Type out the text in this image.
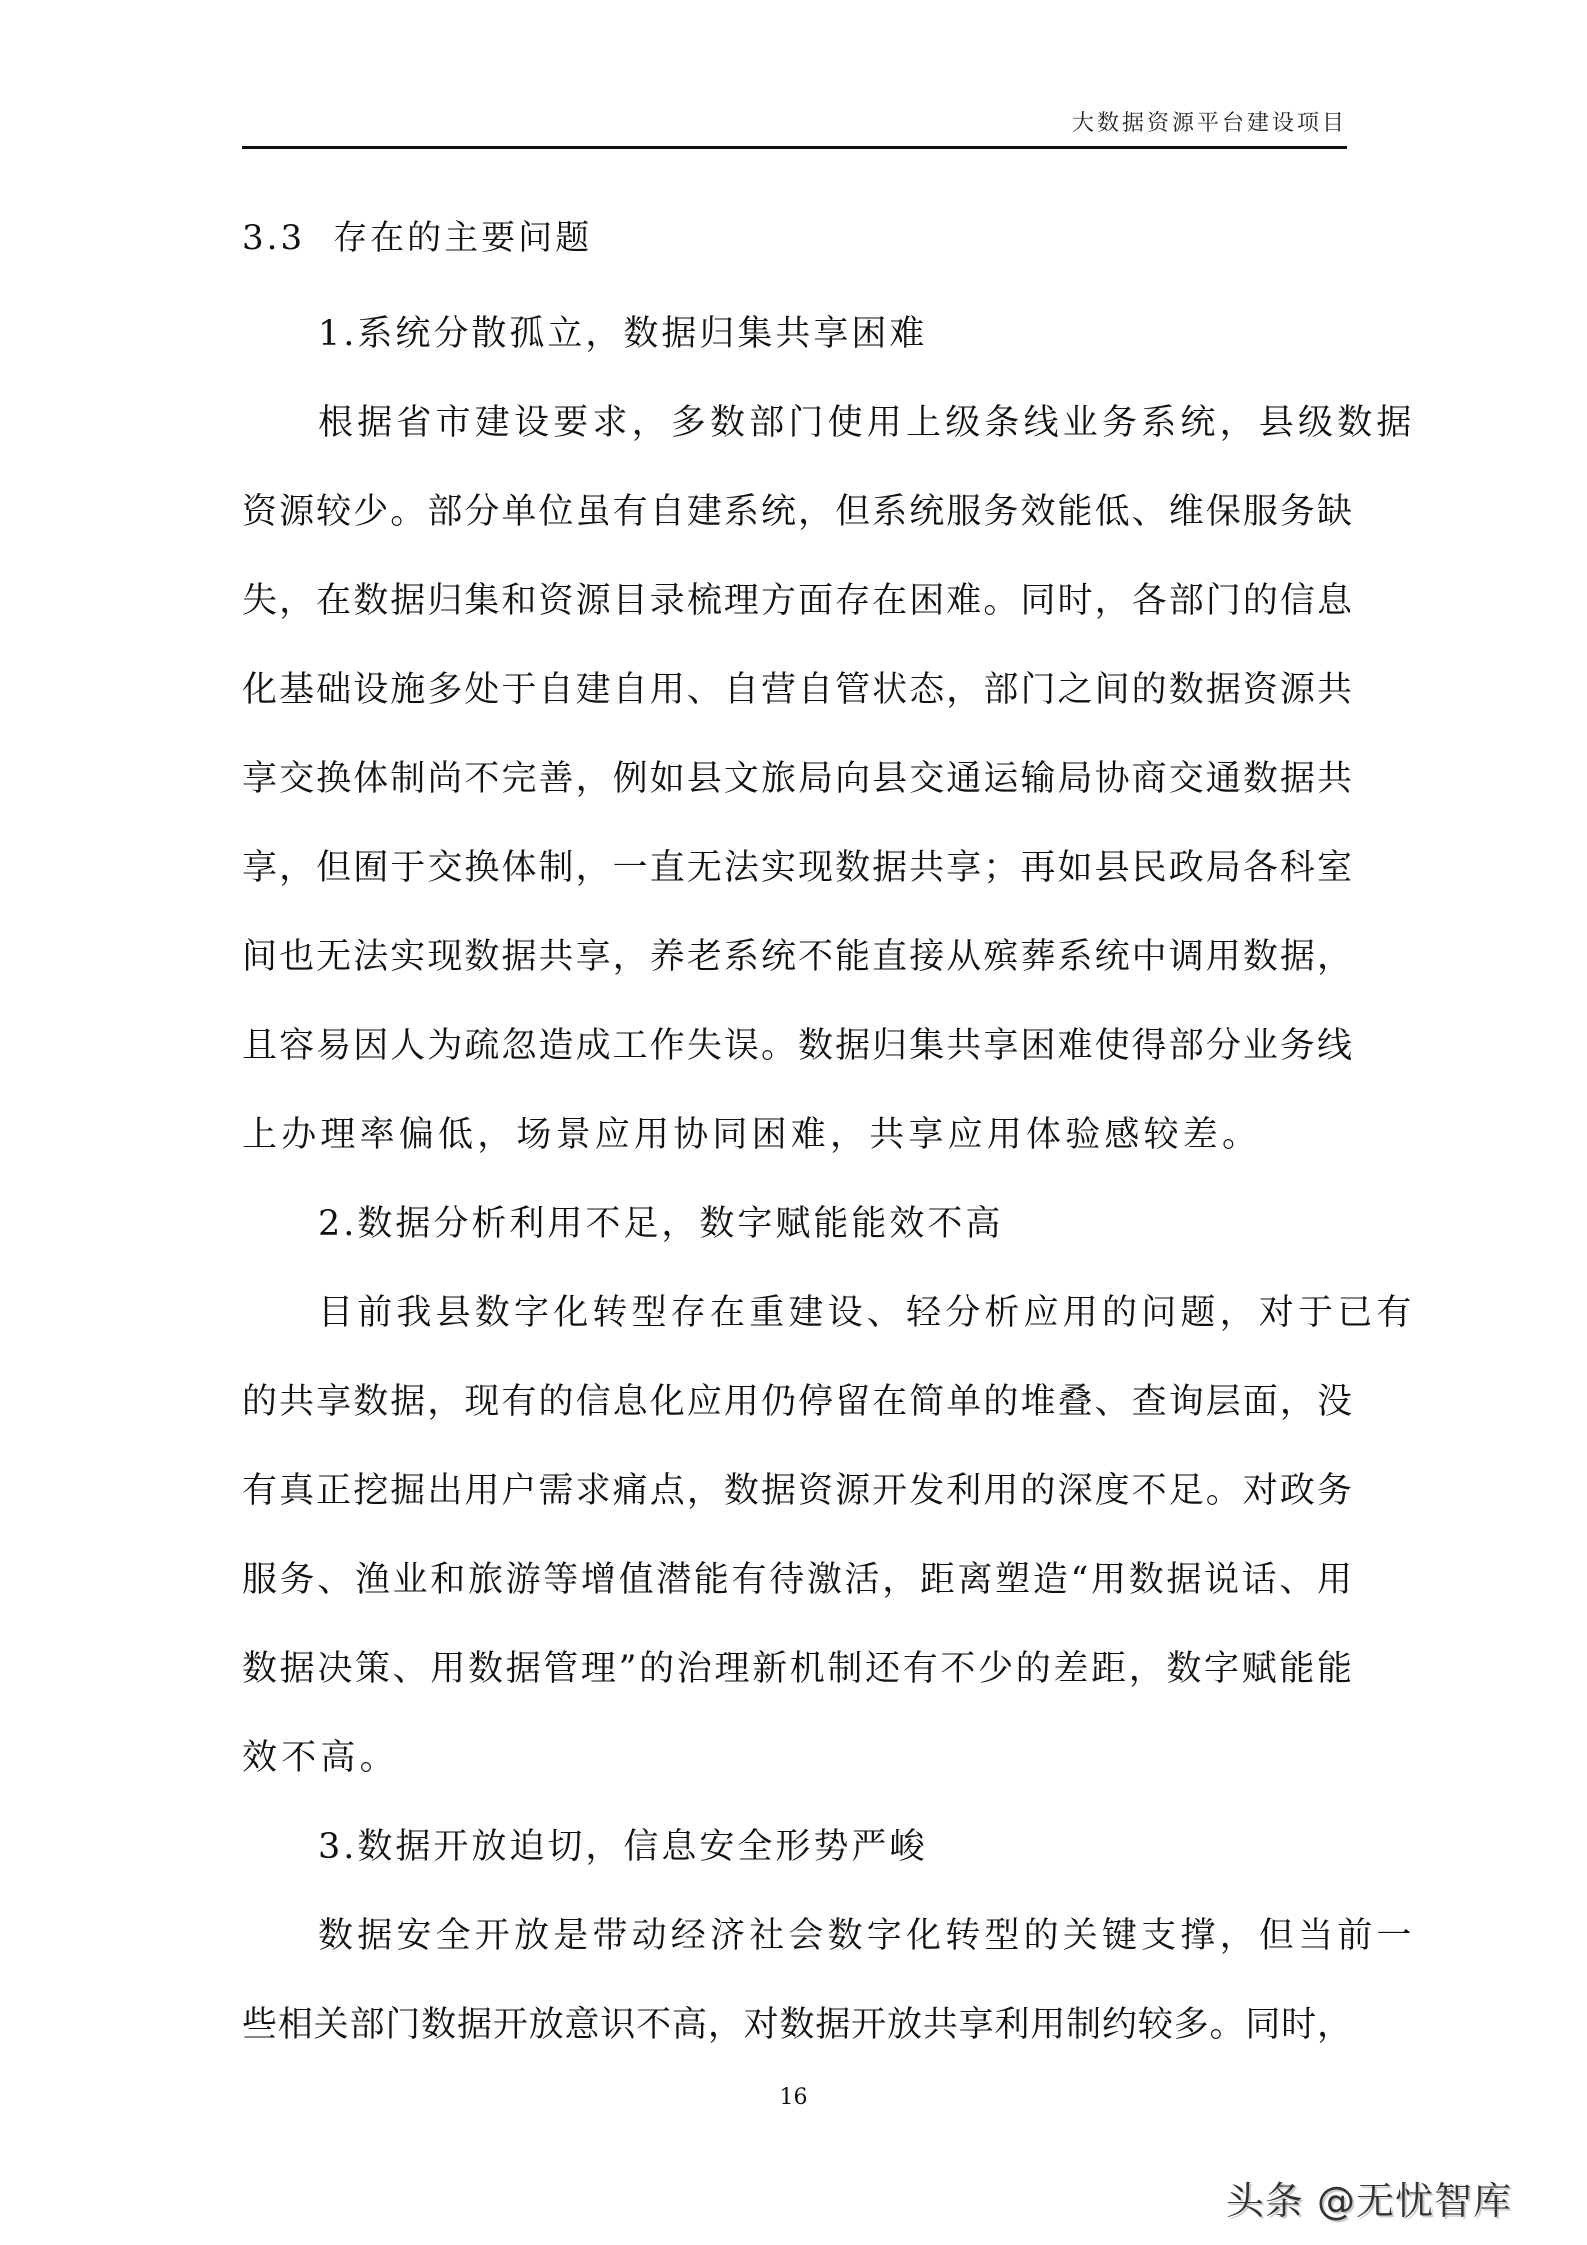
大数据资源平台建设项目
3.3 存在的主要问题
1.系统分散孤立，数据归集共享困难
根据省市建设要求，多数部门使用上级条线业务系统，县级数据
资源较少。部分单位虽有自建系统，但系统服务效能低、维保服务缺
失，在数据归集和资源目录梳理方面存在困难。同时，各部门的信息
化基础设施多处于自建自用、自营自管状态，部门之间的数据资源共
享交换体制尚不完善，例如县文旅局向县交通运输局协商交通数据共
享，但囿于交换体制，一直无法实现数据共享；再如县民政局各科室
间也无法实现数据共享，养老系统不能直接从殡葬系统中调用数据，
且容易因人为疏忽造成工作失误。数据归集共享困难使得部分业务线
上办理率偏低，场景应用协同困难，共享应用体验感较差。
2.数据分析利用不足，数字赋能能效不高
目前我县数字化转型存在重建设、轻分析应用的问题，对于已有
的共享数据，现有的信息化应用仍停留在简单的堆叠、查询层面，没
有真正挖掘出用户需求痛点，数据资源开发利用的深度不足。对政务
服务、渔业和旅游等增值潜能有待激活，距离塑造“用数据说话、用
数据决策、用数据管理”的治理新机制还有不少的差距，数字赋能能
效不高。
3.数据开放迫切，信息安全形势严峻
数据安全开放是带动经济社会数字化转型的关键支撑，但当前一
些相关部门数据开放意识不高，对数据开放共享利用制约较多。同时，
16
头条 @无忧智库
